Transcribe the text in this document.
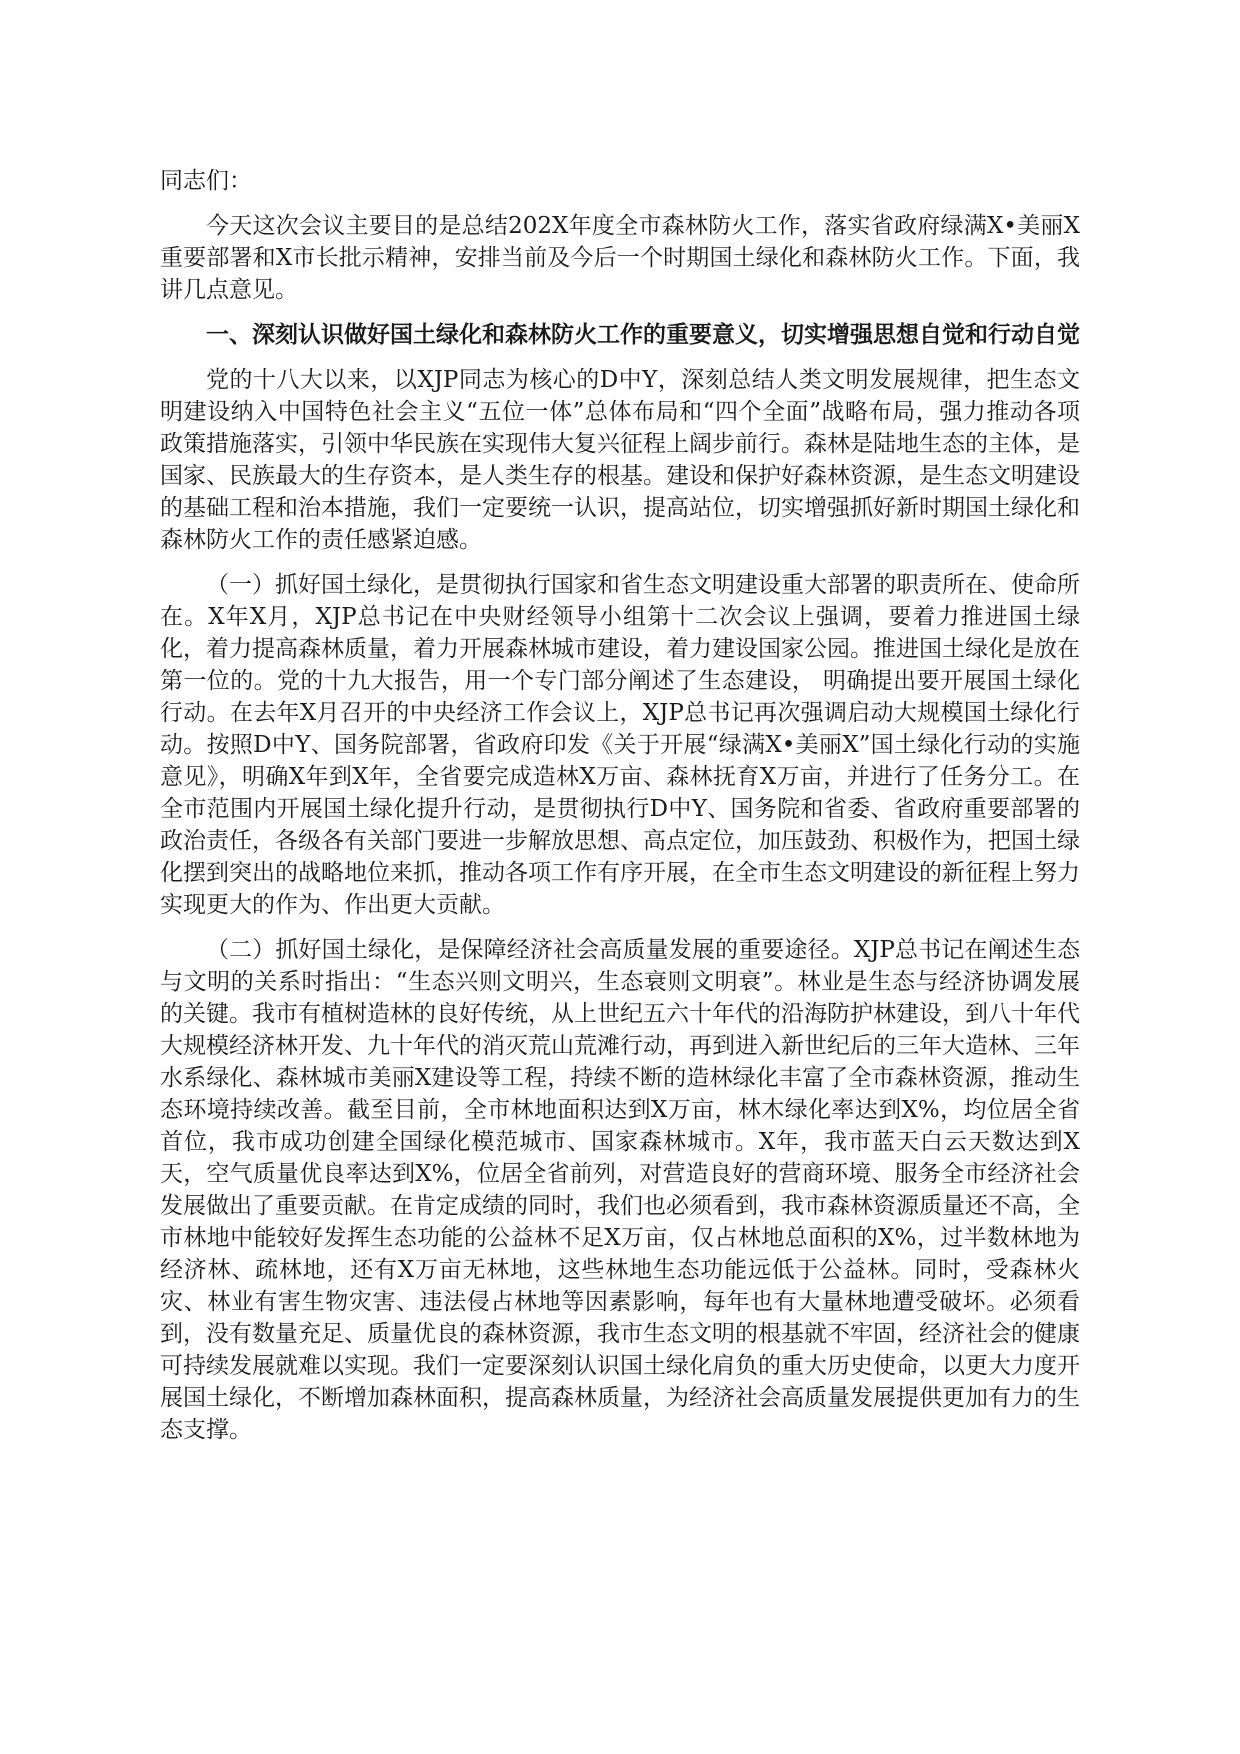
同志们：

今天这次会议主要目的是总结202X年度全市森林防火工作，落实省政府绿满X•美丽X重要部署和X市长批示精神，安排当前及今后一个时期国土绿化和森林防火工作。下面，我讲几点意见。

一、深刻认识做好国土绿化和森林防火工作的重要意义，切实增强思想自觉和行动自觉

党的十八大以来，以XJP同志为核心的D中Y，深刻总结人类文明发展规律，把生态文明建设纳入中国特色社会主义“五位一体”总体布局和“四个全面”战略布局，强力推动各项政策措施落实，引领中华民族在实现伟大复兴征程上阔步前行。森林是陆地生态的主体，是国家、民族最大的生存资本，是人类生存的根基。建设和保护好森林资源，是生态文明建设的基础工程和治本措施，我们一定要统一认识，提高站位，切实增强抓好新时期国土绿化和森林防火工作的责任感紧迫感。

（一）抓好国土绿化，是贯彻执行国家和省生态文明建设重大部署的职责所在、使命所在。X年X月，XJP总书记在中央财经领导小组第十二次会议上强调，要着力推进国土绿化，着力提高森林质量，着力开展森林城市建设，着力建设国家公园。推进国土绿化是放在第一位的。党的十九大报告，用一个专门部分阐述了生态建设， 明确提出要开展国土绿化行动。在去年X月召开的中央经济工作会议上，XJP总书记再次强调启动大规模国土绿化行动。按照D中Y、国务院部署，省政府印发《关于开展“绿满X•美丽X”国土绿化行动的实施意见》，明确X年到X年，全省要完成造林X万亩、森林抚育X万亩，并进行了任务分工。在全市范围内开展国土绿化提升行动，是贯彻执行D中Y、国务院和省委、省政府重要部署的政治责任，各级各有关部门要进一步解放思想、高点定位，加压鼓劲、积极作为，把国土绿化摆到突出的战略地位来抓，推动各项工作有序开展，在全市生态文明建设的新征程上努力实现更大的作为、作出更大贡献。

（二）抓好国土绿化，是保障经济社会高质量发展的重要途径。XJP总书记在阐述生态与文明的关系时指出：“生态兴则文明兴，生态衰则文明衰”。林业是生态与经济协调发展的关键。我市有植树造林的良好传统，从上世纪五六十年代的沿海防护林建设，到八十年代大规模经济林开发、九十年代的消灭荒山荒滩行动，再到进入新世纪后的三年大造林、三年水系绿化、森林城市美丽X建设等工程，持续不断的造林绿化丰富了全市森林资源，推动生态环境持续改善。截至目前，全市林地面积达到X万亩，林木绿化率达到X%，均位居全省首位，我市成功创建全国绿化模范城市、国家森林城市。X年，我市蓝天白云天数达到X天，空气质量优良率达到X%，位居全省前列，对营造良好的营商环境、服务全市经济社会发展做出了重要贡献。在肯定成绩的同时，我们也必须看到，我市森林资源质量还不高，全市林地中能较好发挥生态功能的公益林不足X万亩，仅占林地总面积的X%，过半数林地为经济林、疏林地，还有X万亩无林地，这些林地生态功能远低于公益林。同时，受森林火灾、林业有害生物灾害、违法侵占林地等因素影响，每年也有大量林地遭受破坏。必须看到，没有数量充足、质量优良的森林资源，我市生态文明的根基就不牢固，经济社会的健康可持续发展就难以实现。我们一定要深刻认识国土绿化肩负的重大历史使命，以更大力度开展国土绿化，不断增加森林面积，提高森林质量，为经济社会高质量发展提供更加有力的生态支撑。
